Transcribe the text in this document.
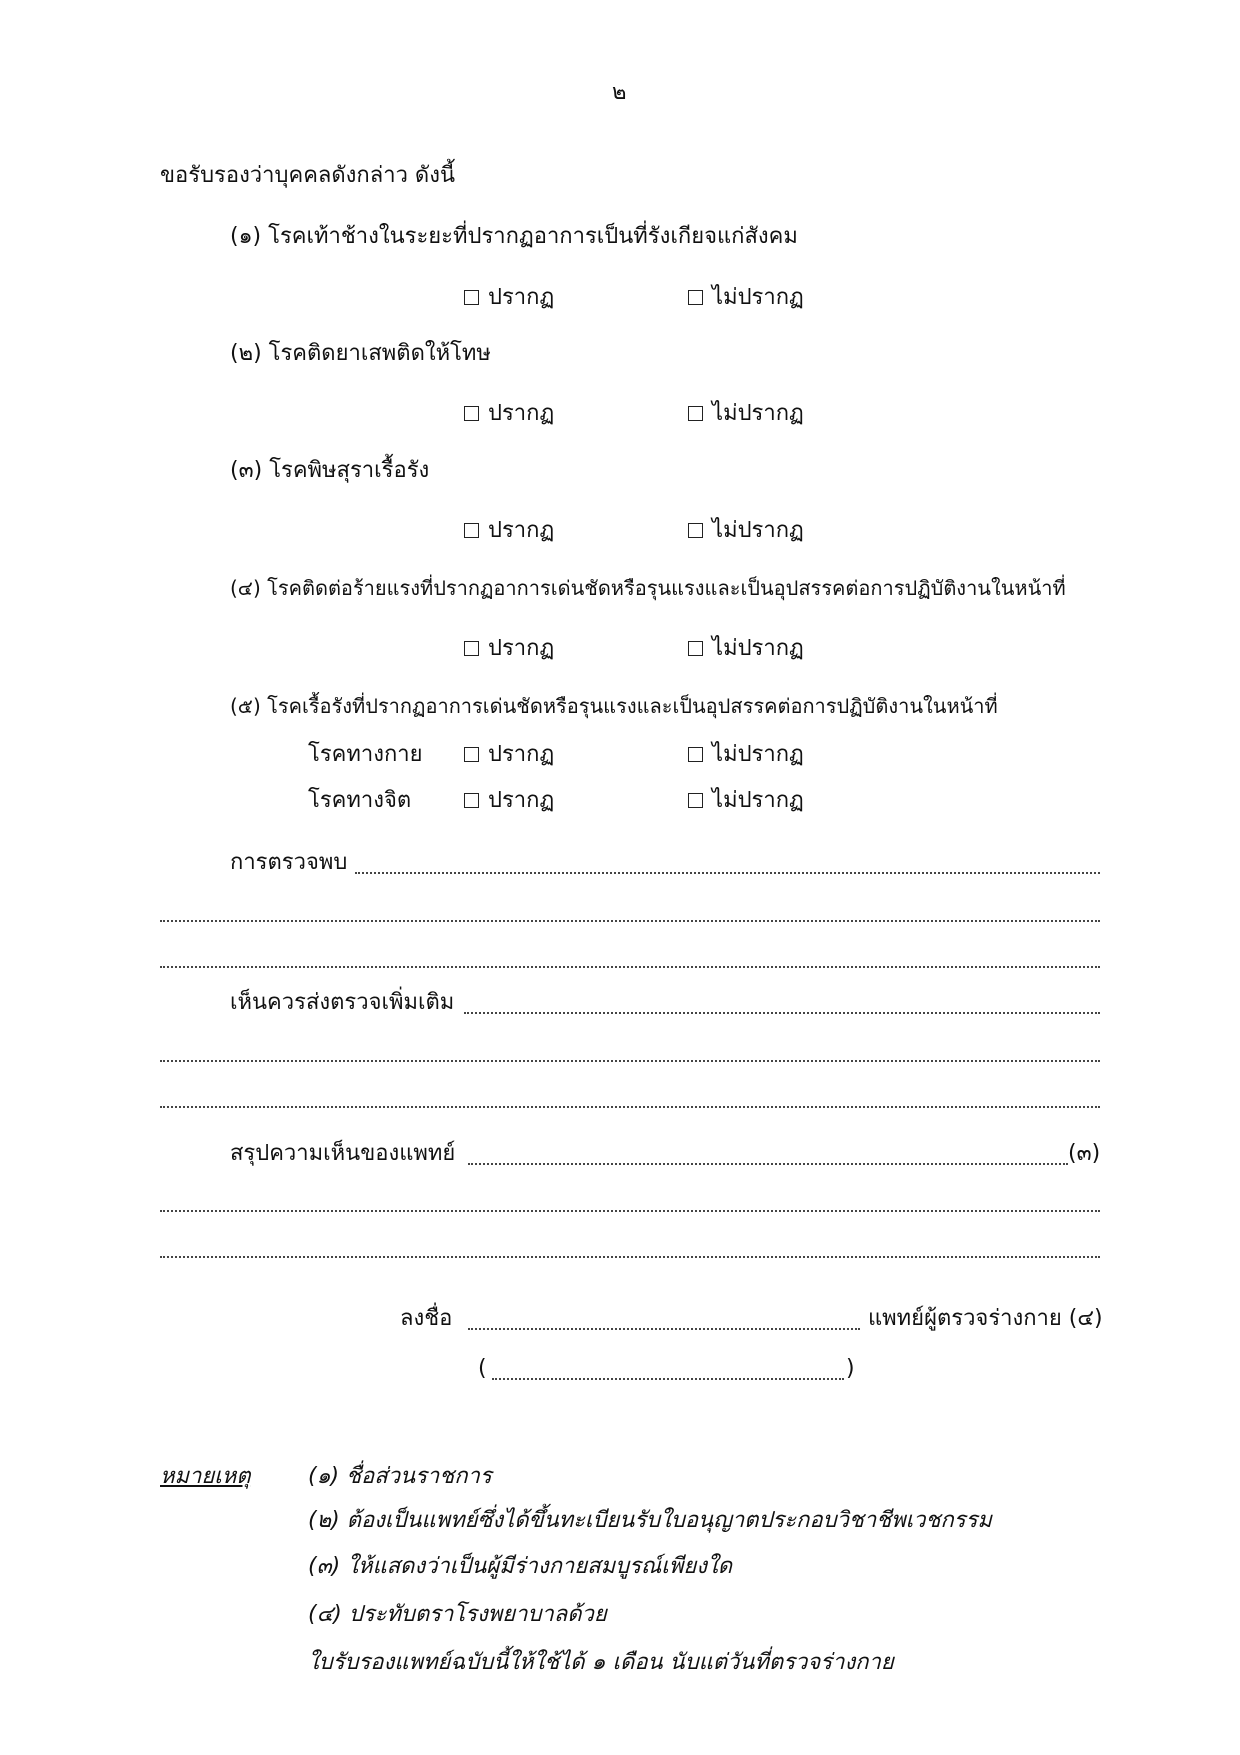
๒
ขอรับรองว่าบุคคลดังกล่าว ดังนี้
(๑) โรคเท้าช้างในระยะที่ปรากฏอาการเป็นที่รังเกียจแก่สังคม
ปรากฏ	ไม่ปรากฏ
(๒) โรคติดยาเสพติดให้โทษ
ปรากฏ	ไม่ปรากฏ
(๓) โรคพิษสุราเรื้อรัง
ปรากฏ	ไม่ปรากฏ
(๔) โรคติดต่อร้ายแรงที่ปรากฏอาการเด่นชัดหรือรุนแรงและเป็นอุปสรรคต่อการปฏิบัติงานในหน้าที่
ปรากฏ	ไม่ปรากฏ
(๕) โรคเรื้อรังที่ปรากฏอาการเด่นชัดหรือรุนแรงและเป็นอุปสรรคต่อการปฏิบัติงานในหน้าที่
โรคทางกาย	ปรากฏ	ไม่ปรากฏ
โรคทางจิต	ปรากฏ	ไม่ปรากฏ
การตรวจพบ
เห็นควรส่งตรวจเพิ่มเติม
สรุปความเห็นของแพทย์	(๓)
ลงชื่อ	แพทย์ผู้ตรวจร่างกาย (๔)
(	)
หมายเหตุ	(๑) ชื่อส่วนราชการ
(๒) ต้องเป็นแพทย์ซึ่งได้ขึ้นทะเบียนรับใบอนุญาตประกอบวิชาชีพเวชกรรม
(๓) ให้แสดงว่าเป็นผู้มีร่างกายสมบูรณ์เพียงใด
(๔) ประทับตราโรงพยาบาลด้วย
ใบรับรองแพทย์ฉบับนี้ให้ใช้ได้ ๑ เดือน นับแต่วันที่ตรวจร่างกาย
